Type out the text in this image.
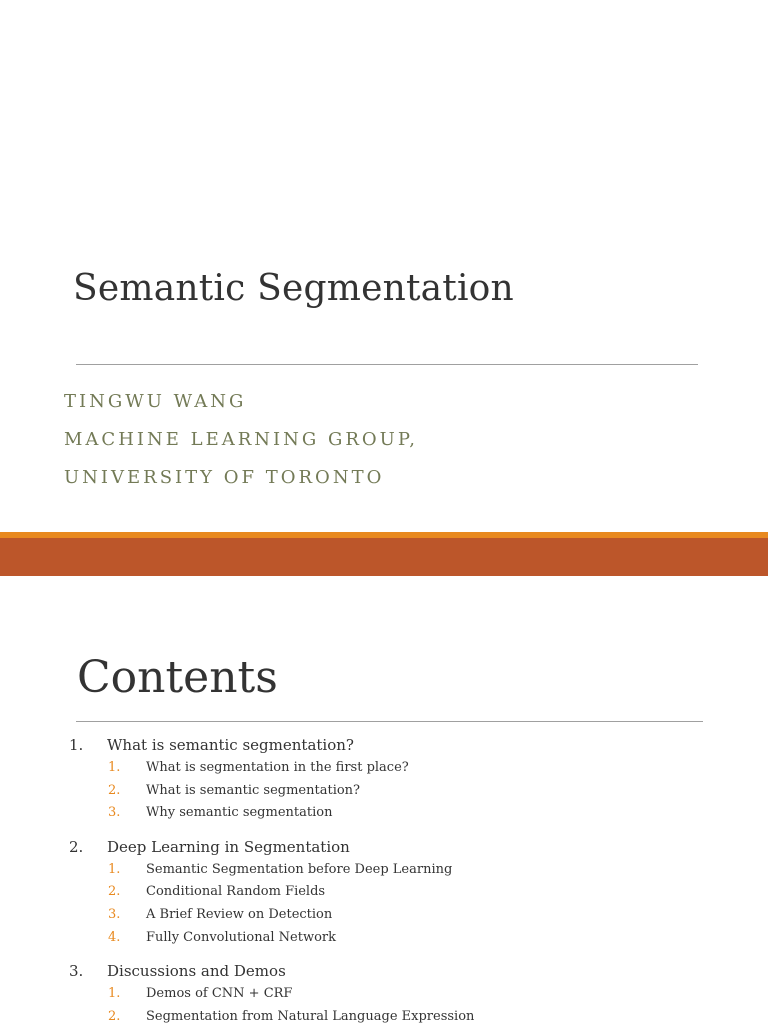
Semantic Segmentation
TINGWU WANG
MACHINE LEARNING GROUP,
UNIVERSITY OF TORONTO
Contents
1. What is semantic segmentation?
1. What is segmentation in the first place?
2. What is semantic segmentation?
3. Why semantic segmentation
2. Deep Learning in Segmentation
1. Semantic Segmentation before Deep Learning
2. Conditional Random Fields
3. A Brief Review on Detection
4. Fully Convolutional Network
3. Discussions and Demos
1. Demos of CNN + CRF
2. Segmentation from Natural Language Expression
